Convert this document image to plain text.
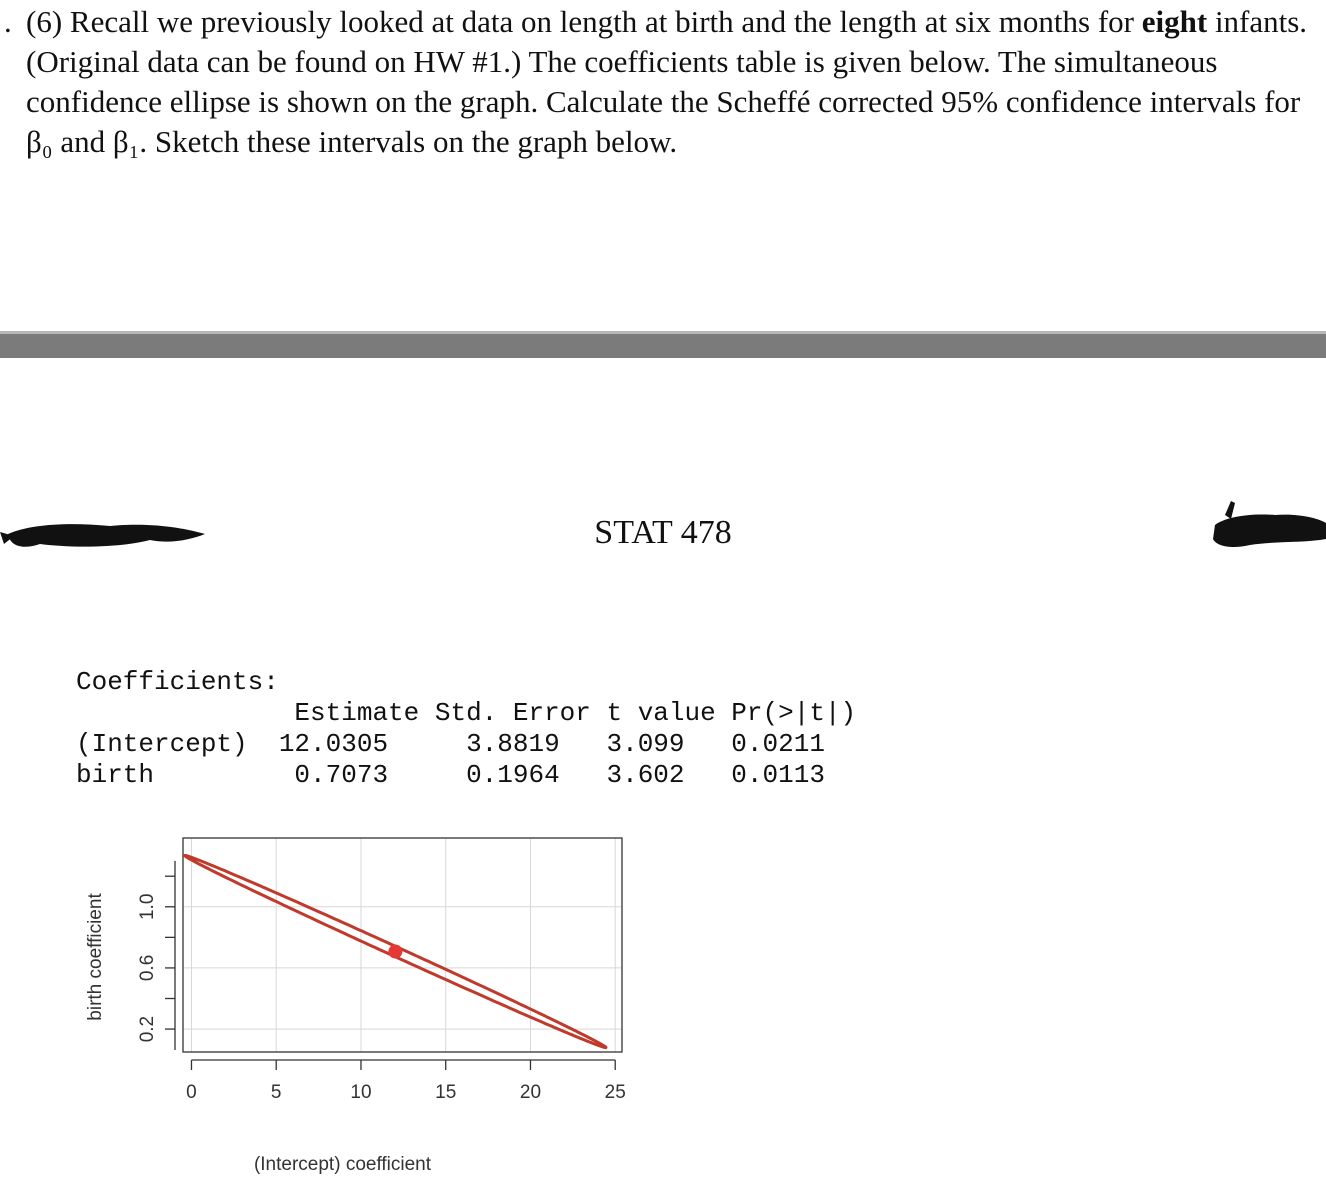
. (6) Recall we previously looked at data on length at birth and the length at six months for eight infants. (Original data can be found on HW #1.) The coefficients table is given below. The simultaneous confidence ellipse is shown on the graph. Calculate the Scheffé corrected 95% confidence intervals for β₀ and β₁. Sketch these intervals on the graph below.
STAT 478
Coefficients:
Estimate Std. Error t value Pr(>|t|)
(Intercept)  12.0305     3.8819   3.099   0.0211
birth         0.7073     0.1964   3.602   0.0113
0	5	10	15	20	25
0.2
0.6
1.0
(Intercept) coefficient
birth coefficient
